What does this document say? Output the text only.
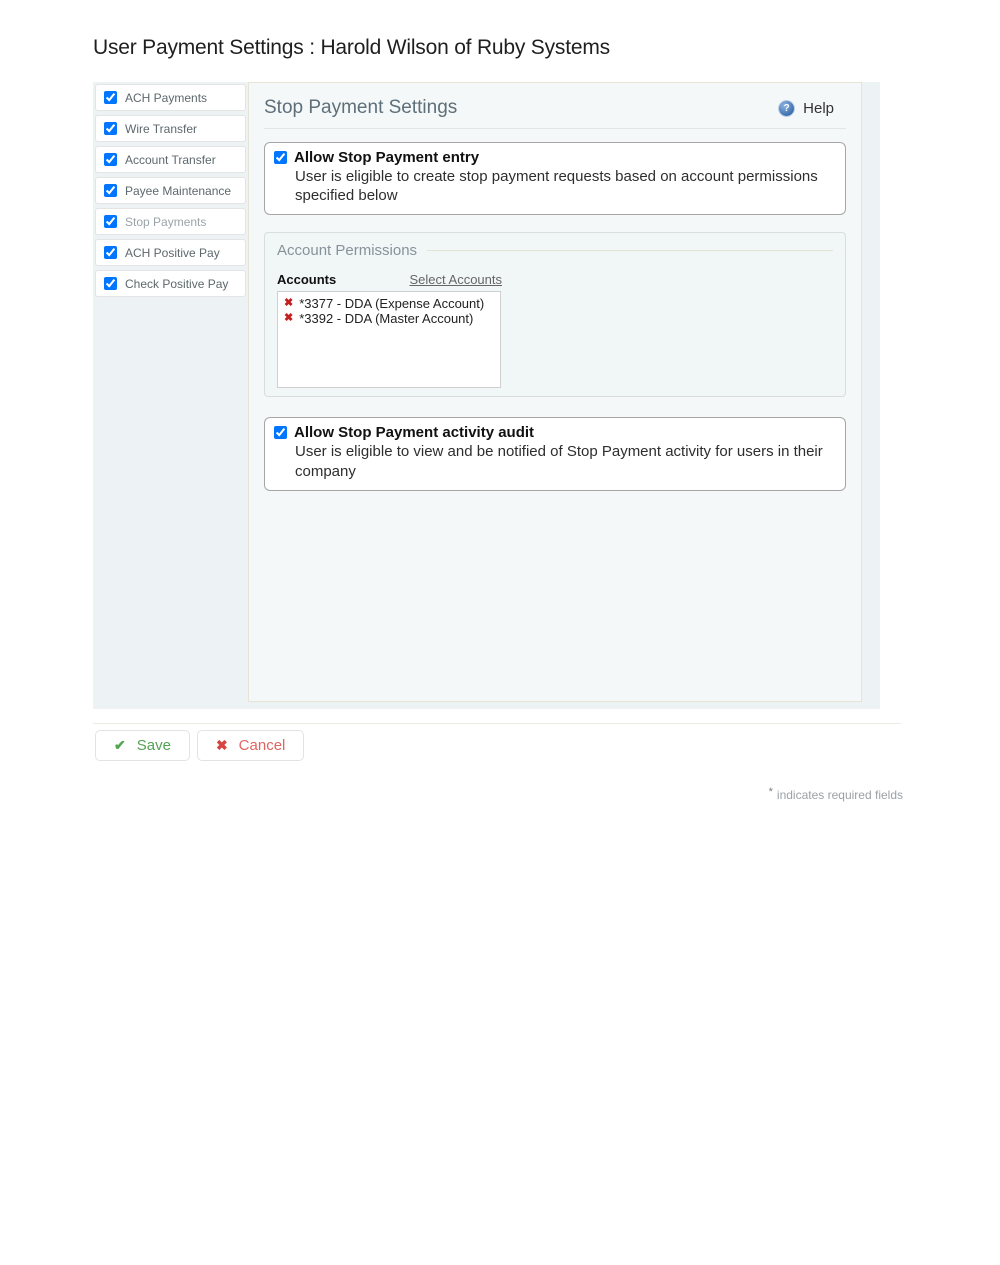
User Payment Settings : Harold Wilson of Ruby Systems
ACH Payments
Wire Transfer
Account Transfer
Payee Maintenance
Stop Payments
ACH Positive Pay
Check Positive Pay
Stop Payment Settings	? Help
Allow Stop Payment entry
User is eligible to create stop payment requests based on account permissions specified below
Account Permissions
Accounts	Select Accounts
✖ *3377 - DDA (Expense Account)
✖ *3392 - DDA (Master Account)
Allow Stop Payment activity audit
User is eligible to view and be notified of Stop Payment activity for users in their company
✔ Save	✖ Cancel
* indicates required fields
